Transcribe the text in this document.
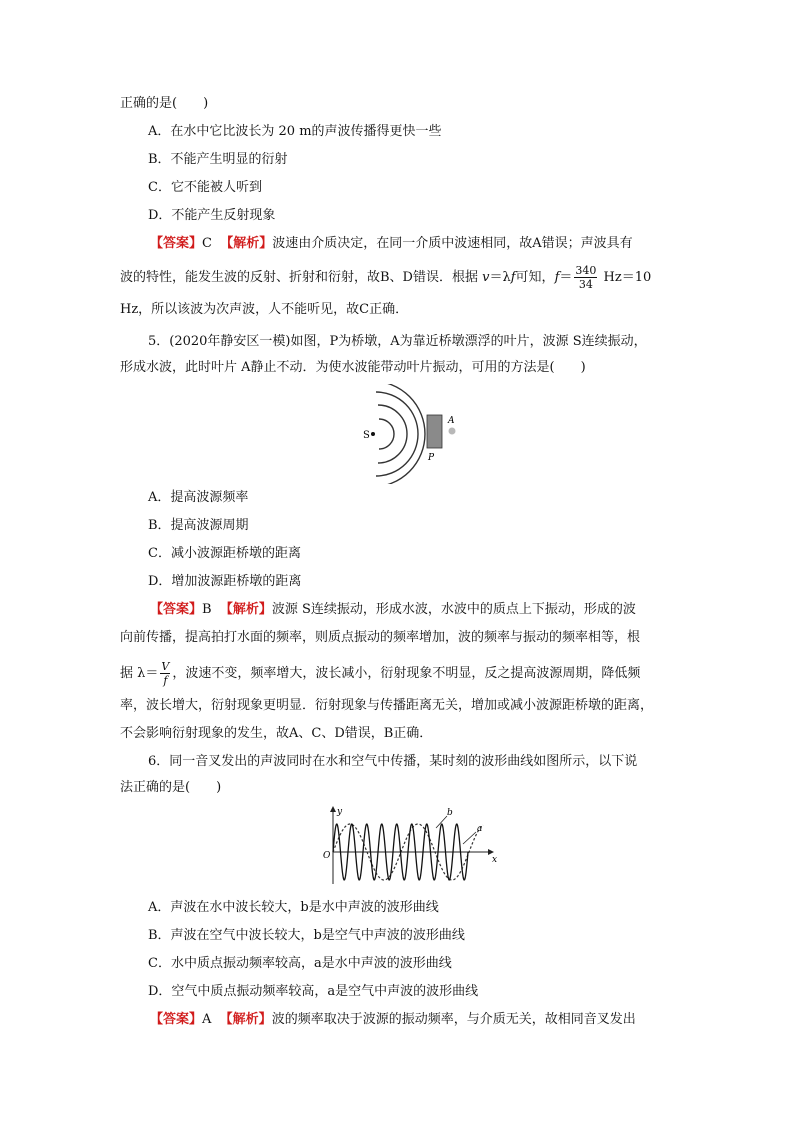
正确的是(　　)
A．在水中它比波长为 20 m的声波传播得更快一些
B．不能产生明显的衍射
C．它不能被人听到
D．不能产生反射现象
【答案】C 【解析】波速由介质决定，在同一介质中波速相同，故A错误；声波具有
波的特性，能发生波的反射、折射和衍射，故B、D错误．根据 v＝λf可知，$f= \frac{340}{34} Hz=10$
Hz，所以该波为次声波，人不能听见，故C正确．
5．(2020年静安区一模)如图，P为桥墩，A为靠近桥墩漂浮的叶片，波源 S连续振动，
形成水波，此时叶片 A静止不动．为使水波能带动叶片振动，可用的方法是(　　)
S
A
P
A．提高波源频率
B．提高波源周期
C．减小波源距桥墩的距离
D．增加波源距桥墩的距离
【答案】B 【解析】波源 S连续振动，形成水波，水波中的质点上下振动，形成的波
向前传播，提高拍打水面的频率，则质点振动的频率增加，波的频率与振动的频率相等，根
据 $\lambda= \frac{V}{f}$ ，波速不变，频率增大，波长减小，衍射现象不明显，反之提高波源周期，降低频
率，波长增大，衍射现象更明显．衍射现象与传播距离无关，增加或减小波源距桥墩的距离，
不会影响衍射现象的发生，故A、C、D错误，B正确．
6．同一音叉发出的声波同时在水和空气中传播，某时刻的波形曲线如图所示，以下说
法正确的是(　　)
y
x
O
a
b
A．声波在水中波长较大，b是水中声波的波形曲线
B．声波在空气中波长较大，b是空气中声波的波形曲线
C．水中质点振动频率较高，a是水中声波的波形曲线
D．空气中质点振动频率较高，a是空气中声波的波形曲线
【答案】A 【解析】波的频率取决于波源的振动频率，与介质无关，故相同音叉发出
